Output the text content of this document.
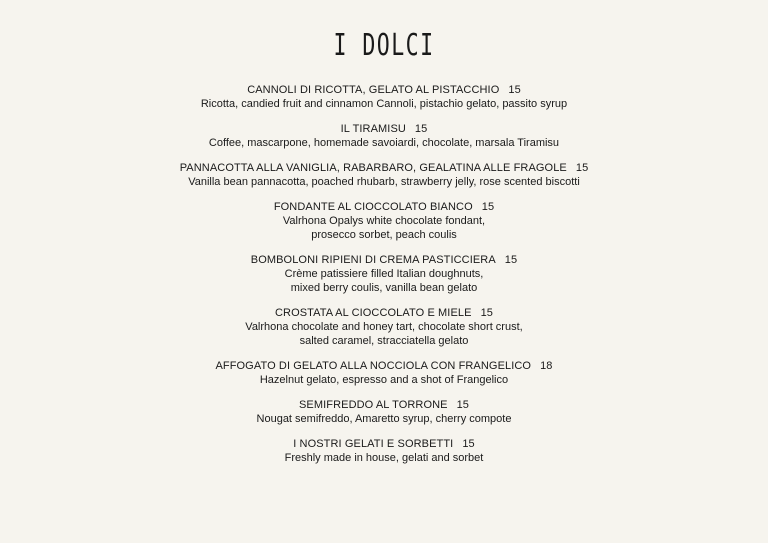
I DOLCI
CANNOLI DI RICOTTA, GELATO AL PISTACCHIO 15
Ricotta, candied fruit and cinnamon Cannoli, pistachio gelato, passito syrup
IL TIRAMISU 15
Coffee, mascarpone, homemade savoiardi, chocolate, marsala Tiramisu
PANNACOTTA ALLA VANIGLIA, RABARBARO, GEALATINA ALLE FRAGOLE 15
Vanilla bean pannacotta, poached rhubarb, strawberry jelly, rose scented biscotti
FONDANTE AL CIOCCOLATO BIANCO 15
Valrhona Opalys white chocolate fondant,
prosecco sorbet, peach coulis
BOMBOLONI RIPIENI DI CREMA PASTICCIERA 15
Crème patissiere filled Italian doughnuts,
mixed berry coulis, vanilla bean gelato
CROSTATA AL CIOCCOLATO E MIELE 15
Valrhona chocolate and honey tart, chocolate short crust,
salted caramel, stracciatella gelato
AFFOGATO DI GELATO ALLA NOCCIOLA CON FRANGELICO 18
Hazelnut gelato, espresso and a shot of Frangelico
SEMIFREDDO AL TORRONE 15
Nougat semifreddo, Amaretto syrup, cherry compote
I NOSTRI GELATI E SORBETTI 15
Freshly made in house, gelati and sorbet
